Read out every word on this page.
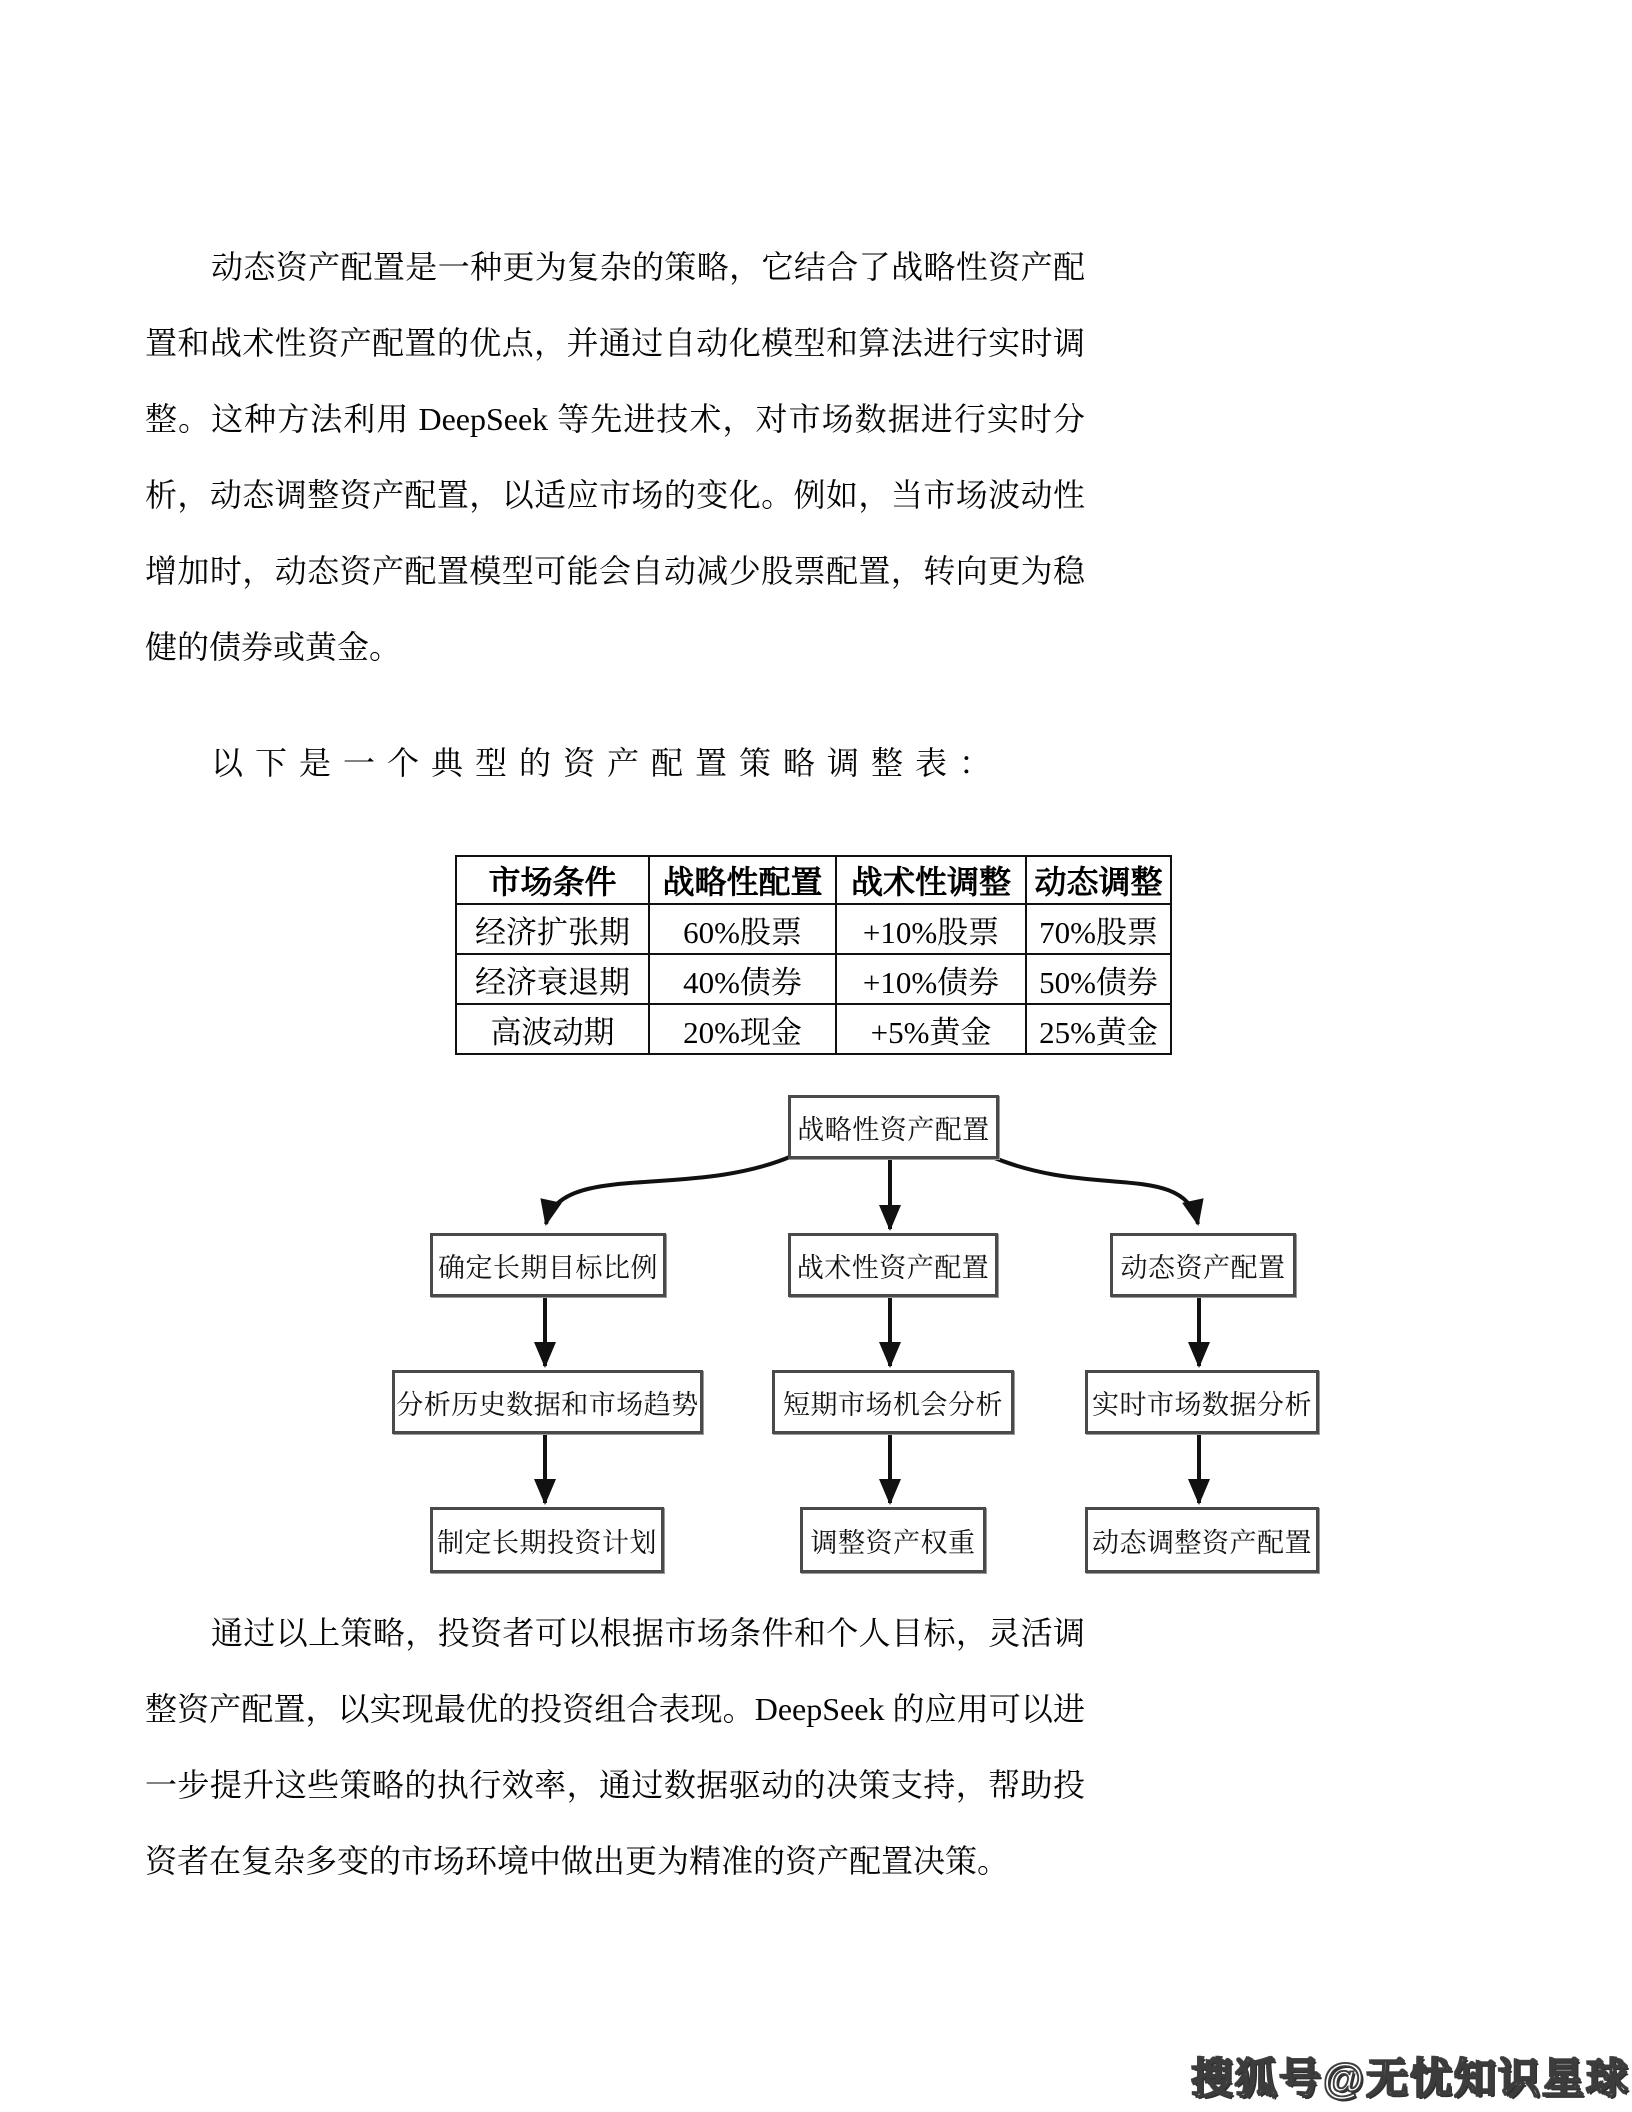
动态资产配置是一种更为复杂的策略，它结合了战略性资产配
置和战术性资产配置的优点，并通过自动化模型和算法进行实时调
整。这种方法利用 DeepSeek 等先进技术，对市场数据进行实时分
析，动态调整资产配置，以适应市场的变化。例如，当市场波动性
增加时，动态资产配置模型可能会自动减少股票配置，转向更为稳
健的债券或黄金。
以下是一个典型的资产配置策略调整表：
市场条件	战略性配置	战术性调整	动态调整
经济扩张期	60%股票	+10%股票	70%股票
经济衰退期	40%债券	+10%债券	50%债券
高波动期	20%现金	+5%黄金	25%黄金
战略性资产配置
确定长期目标比例	战术性资产配置	动态资产配置
分析历史数据和市场趋势	短期市场机会分析	实时市场数据分析
制定长期投资计划	调整资产权重	动态调整资产配置
通过以上策略，投资者可以根据市场条件和个人目标，灵活调
整资产配置，以实现最优的投资组合表现。DeepSeek 的应用可以进
一步提升这些策略的执行效率，通过数据驱动的决策支持，帮助投
资者在复杂多变的市场环境中做出更为精准的资产配置决策。
搜狐号@无忧知识星球
